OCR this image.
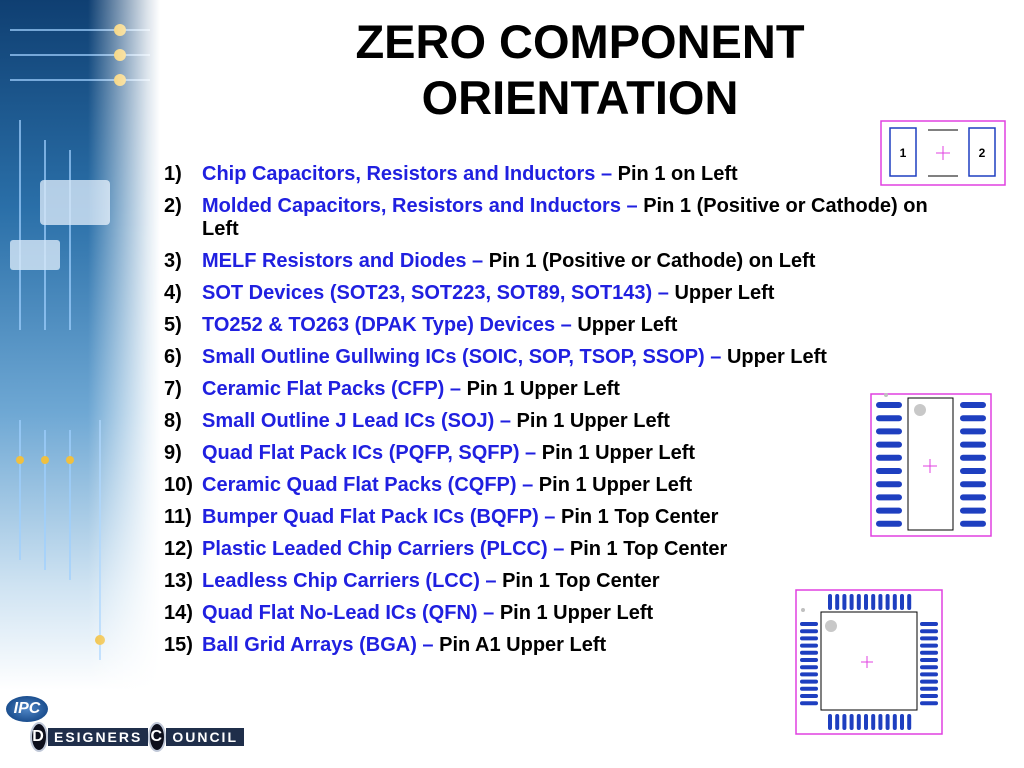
ZERO COMPONENT
ORIENTATION
1)	Chip Capacitors, Resistors and Inductors – Pin 1 on Left
2)	Molded Capacitors, Resistors and Inductors – Pin 1 (Positive or Cathode) on Left
3)	MELF Resistors and Diodes – Pin 1 (Positive or Cathode) on Left
4)	SOT Devices (SOT23, SOT223, SOT89, SOT143) – Upper Left
5)	TO252 & TO263 (DPAK Type) Devices – Upper Left
6)	Small Outline Gullwing ICs (SOIC, SOP, TSOP, SSOP) – Upper Left
7)	Ceramic Flat Packs (CFP) – Pin 1 Upper Left
8)	Small Outline J Lead ICs (SOJ) – Pin 1 Upper Left
9)	Quad Flat Pack ICs (PQFP, SQFP) – Pin 1 Upper Left
10) Ceramic Quad Flat Packs (CQFP) – Pin 1 Upper Left
11) Bumper Quad Flat Pack ICs (BQFP) – Pin 1 Top Center
12) Plastic Leaded Chip Carriers (PLCC) – Pin 1 Top Center
13) Leadless Chip Carriers (LCC) – Pin 1 Top Center
14) Quad Flat No-Lead ICs (QFN) – Pin 1 Upper Left
15) Ball Grid Arrays (BGA) – Pin A1 Upper Left
1	2
IPC
D ESIGNERS C OUNCIL
